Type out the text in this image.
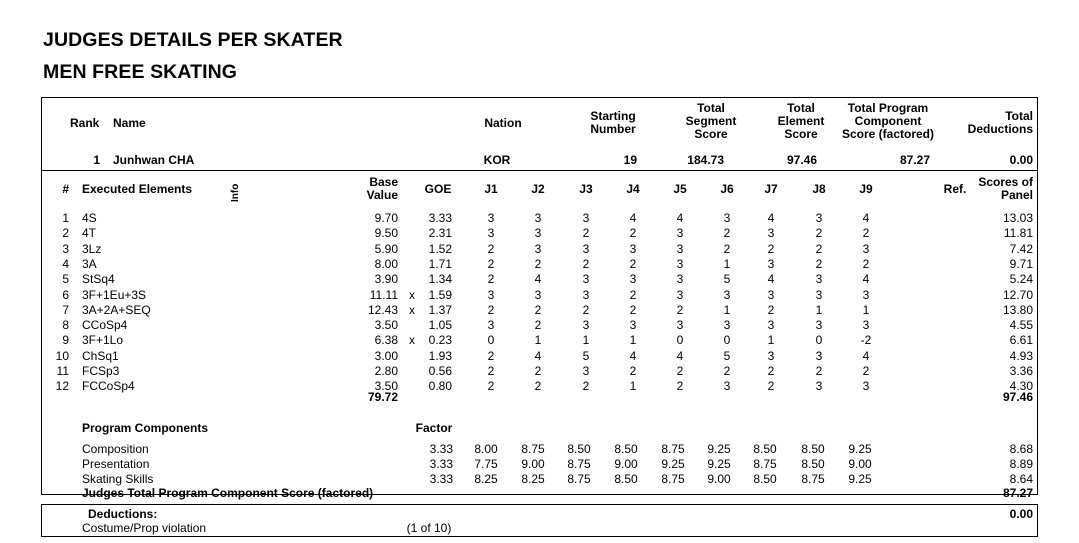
JUDGES DETAILS PER SKATER
MEN FREE SKATING
Rank Name	Nation	Starting
Number
Total
Segment
Score
Total
Element
Score
Total Program
Component
Score (factored)
Total
Deductions
1 Junhwan CHA	KOR	19	184.73	97.46	87.27	0.00
# Executed Elements	Info
Base
Value GOE	J1	J2	J3	J4	J5	J6	J7	J8	J9	Ref. Scores of
Panel
1 4S	9.70	3.33	3	3	3	4	4	3	4	3	4	13.03
2 4T	9.50	2.31	3	3	2	2	3	2	3	2	2	11.81
3 3Lz	5.90	1.52	2	3	3	3	3	2	2	2	3	7.42
4 3A	8.00	1.71	2	2	2	2	3	1	3	2	2	9.71
5 StSq4	3.90	1.34	2	4	3	3	3	5	4	3	4	5.24
6 3F+1Eu+3S	11.11 x 1.59	3	3	3	2	3	3	3	3	3	12.70
7 3A+2A+SEQ	12.43 x 1.37	2	2	2	2	2	1	2	1	1	13.80
8 CCoSp4	3.50	1.05	3	2	3	3	3	3	3	3	3	4.55
9 3F+1Lo	6.38 x 0.23	0	1	1	1	0	0	1	0	-2	6.61
10 ChSq1	3.00	1.93	2	4	5	4	4	5	3	3	4	4.93
11 FCSp3	2.80	0.56	2	2	3	2	2	2	2	2	2	3.36
12 FCCoSp4	3.50	0.80	2	2	2	1	2	3	2	3	3	4.30
79.72	97.46
Program Components	Factor
Composition	3.33 8.00 8.75 8.50 8.50 8.75 9.25 8.50 8.50 9.25	8.68
Presentation	3.33 7.75 9.00 8.75 9.00 9.25 9.25 8.75 8.50 9.00	8.89
Skating Skills	3.33 8.25 8.25 8.75 8.50 8.75 9.00 8.50 8.75 9.25	8.64
Judges Total Program Component Score (factored)	87.27
Deductions:	0.00
Costume/Prop violation	(1 of 10)
